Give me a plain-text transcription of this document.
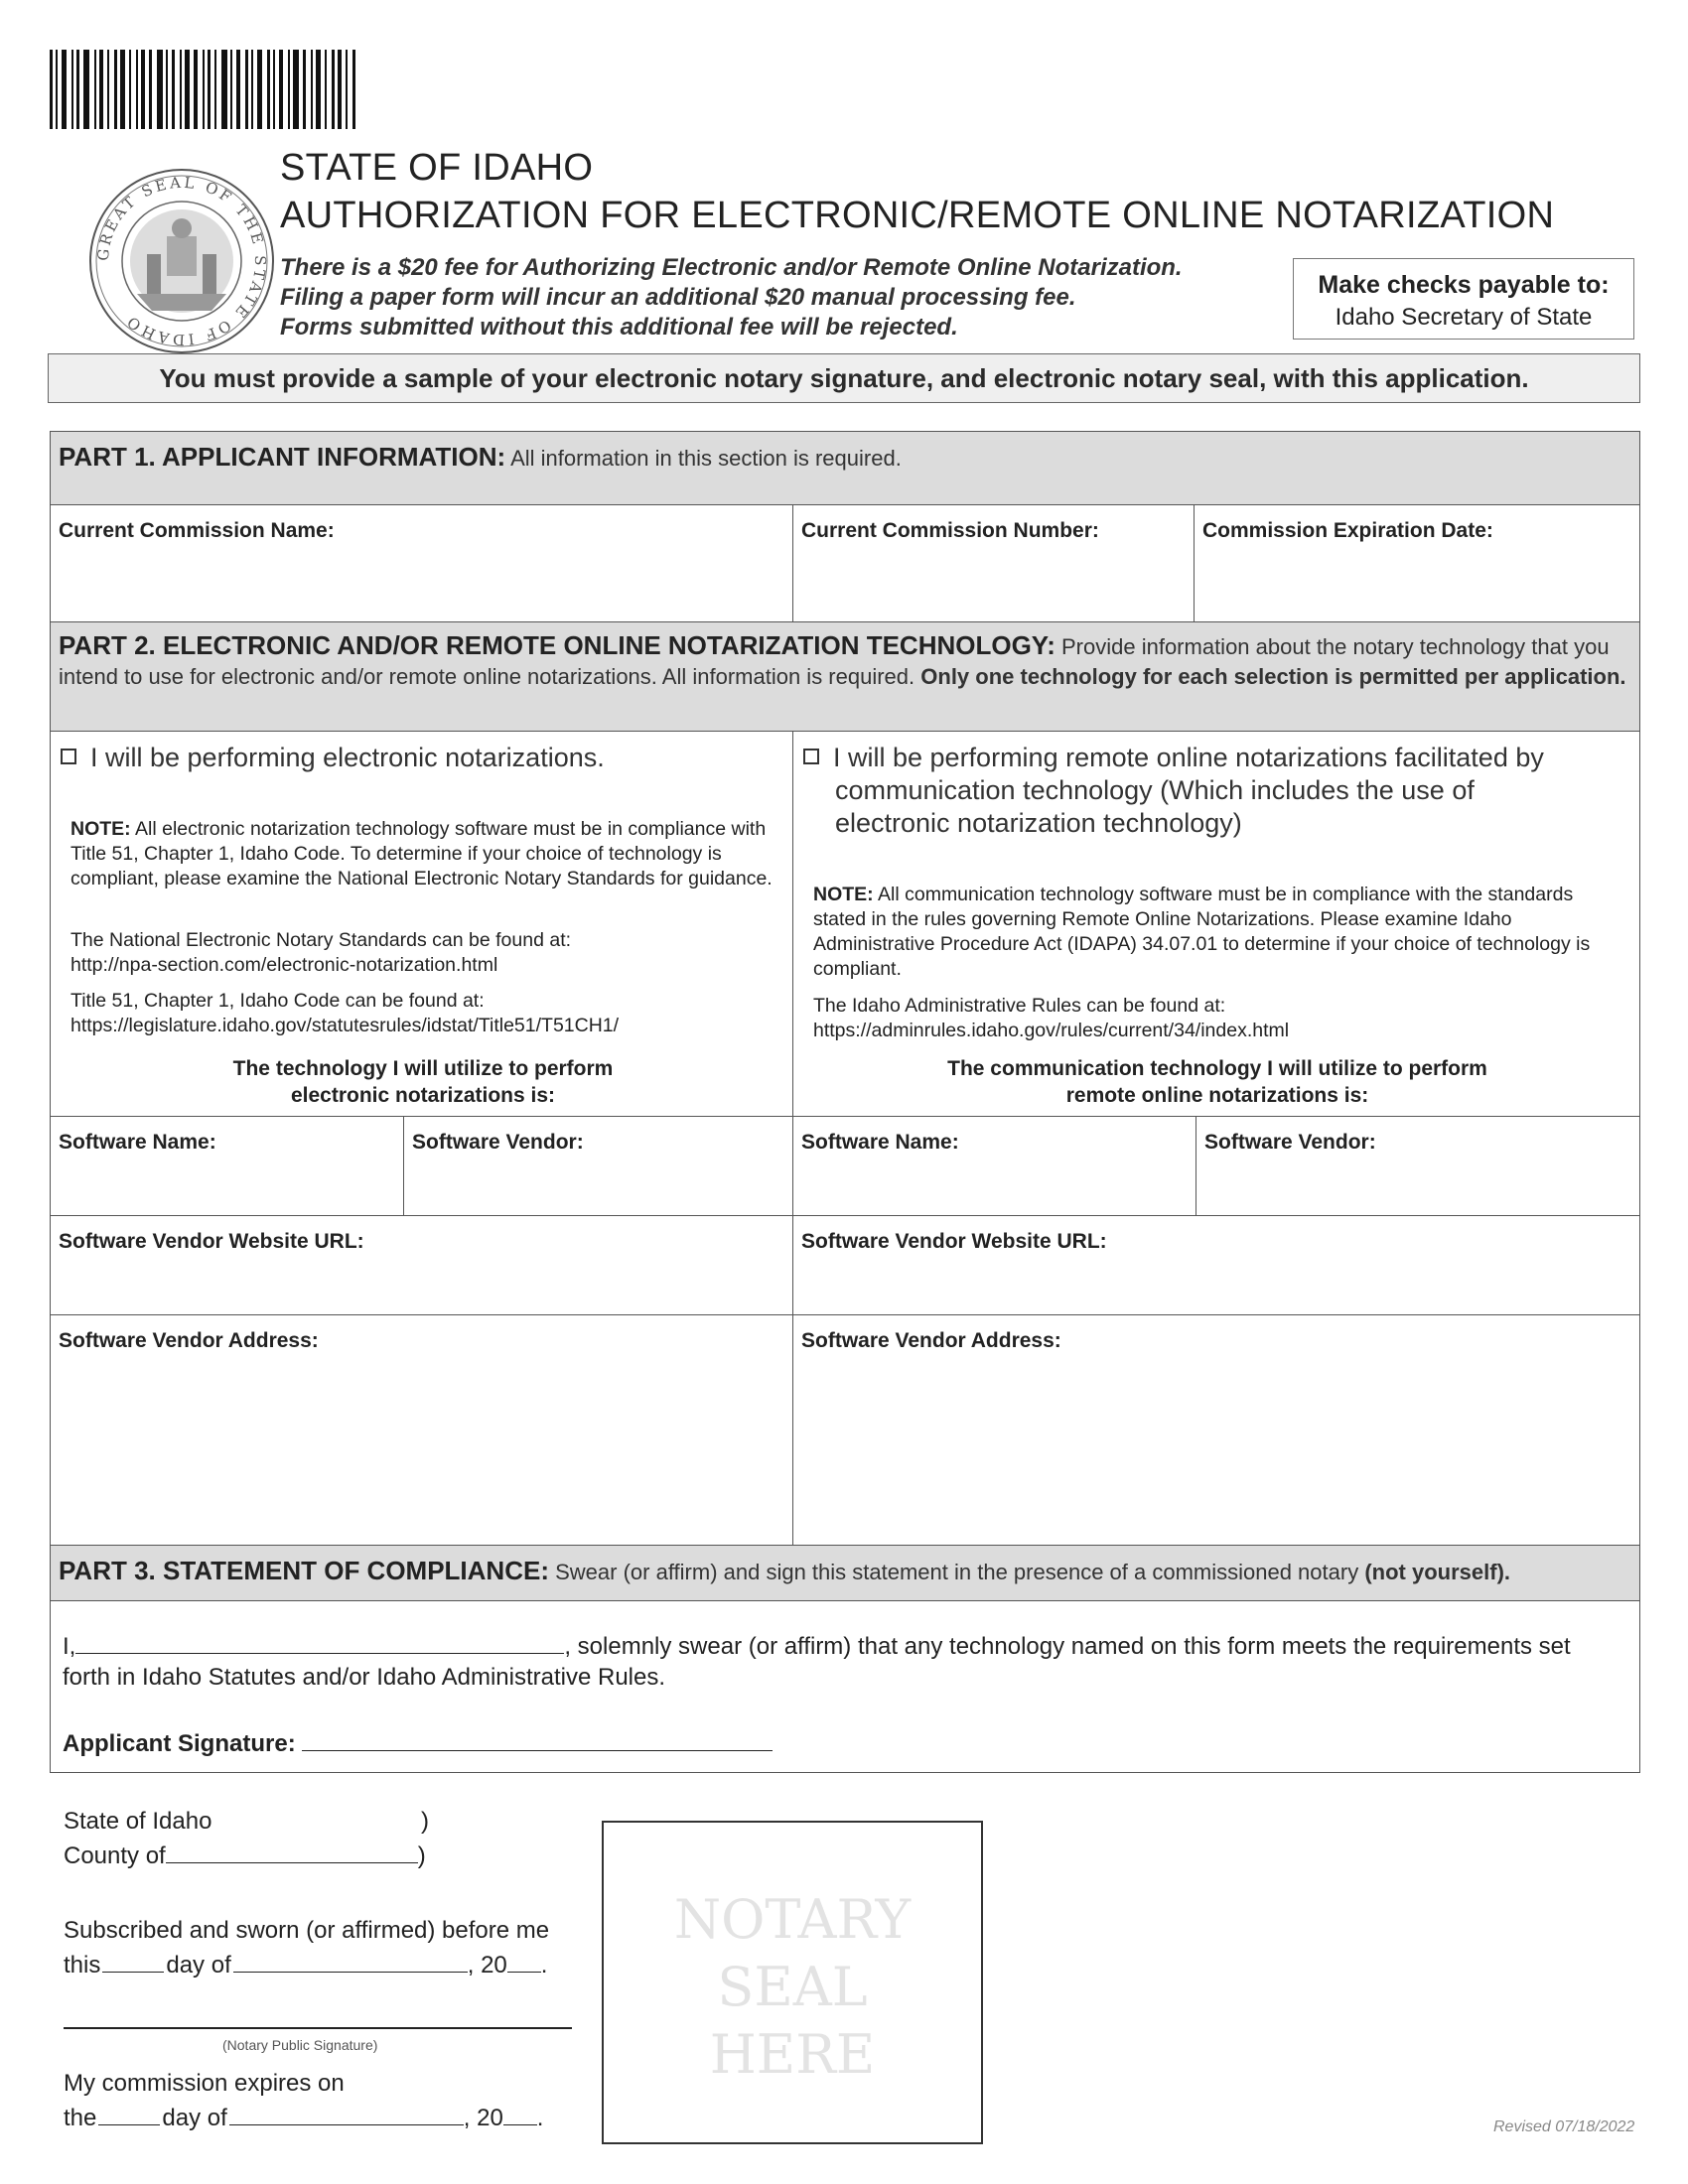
GREAT SEAL OF THE STATE OF IDAHO
STATE OF IDAHO
AUTHORIZATION FOR ELECTRONIC/REMOTE ONLINE NOTARIZATION
There is a $20 fee for Authorizing Electronic and/or Remote Online Notarization.
Filing a paper form will incur an additional $20 manual processing fee.
Forms submitted without this additional fee will be rejected.
Make checks payable to:
Idaho Secretary of State
You must provide a sample of your electronic notary signature, and electronic notary seal, with this application.
PART 1. APPLICANT INFORMATION: All information in this section is required.
Current Commission Name:	Current Commission Number:	Commission Expiration Date:
PART 2. ELECTRONIC AND/OR REMOTE ONLINE NOTARIZATION TECHNOLOGY: Provide information about the notary technology that you intend to use for electronic and/or remote online notarizations. All information is required. Only one technology for each selection is permitted per application.
I will be performing electronic notarizations.
NOTE: All electronic notarization technology software must be in compliance with Title 51, Chapter 1, Idaho Code. To determine if your choice of technology is compliant, please examine the National Electronic Notary Standards for guidance.
The National Electronic Notary Standards can be found at:
http://npa-section.com/electronic-notarization.html
Title 51, Chapter 1, Idaho Code can be found at:
https://legislature.idaho.gov/statutesrules/idstat/Title51/T51CH1/
The technology I will utilize to perform
electronic notarizations is:
I will be performing remote online notarizations facilitated by
communication technology (Which includes the use of
electronic notarization technology)
NOTE: All communication technology software must be in compliance with the standards stated in the rules governing Remote Online Notarizations. Please examine Idaho Administrative Procedure Act (IDAPA) 34.07.01 to determine if your choice of technology is compliant.
The Idaho Administrative Rules can be found at:
https://adminrules.idaho.gov/rules/current/34/index.html
The communication technology I will utilize to perform
remote online notarizations is:
Software Name:	Software Vendor:	Software Name:	Software Vendor:
Software Vendor Website URL:	Software Vendor Website URL:
Software Vendor Address:	Software Vendor Address:
PART 3. STATEMENT OF COMPLIANCE: Swear (or affirm) and sign this statement in the presence of a commissioned notary (not yourself).
I,	, solemnly swear (or affirm) that any technology named on this form meets the requirements set
forth in Idaho Statutes and/or Idaho Administrative Rules.
Applicant Signature:
State of Idaho	)
County of	)
Subscribed and sworn (or affirmed) before me
this	day of	, 20 .
(Notary Public Signature)
My commission expires on
the	day of	, 20 .
NOTARY
SEAL
HERE
Revised 07/18/2022
